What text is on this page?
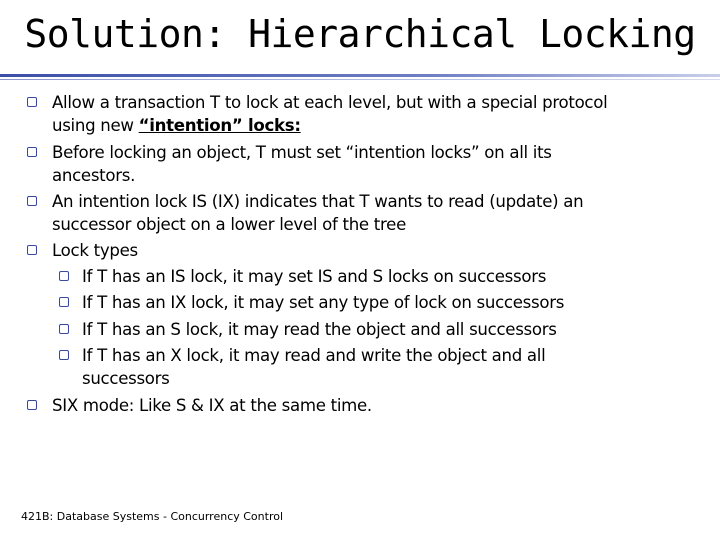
Solution: Hierarchical Locking
Allow a transaction T to lock at each level, but with a special protocol
using new “intention” locks:
Before locking an object, T must set “intention locks” on all its
ancestors.
An intention lock IS (IX) indicates that T wants to read (update) an
successor object on a lower level of the tree
Lock types
If T has an IS lock, it may set IS and S locks on successors
If T has an IX lock, it may set any type of lock on successors
If T has an S lock, it may read the object and all successors
If T has an X lock, it may read and write the object and all
successors
SIX mode: Like S & IX at the same time.
421B: Database Systems - Concurrency Control
